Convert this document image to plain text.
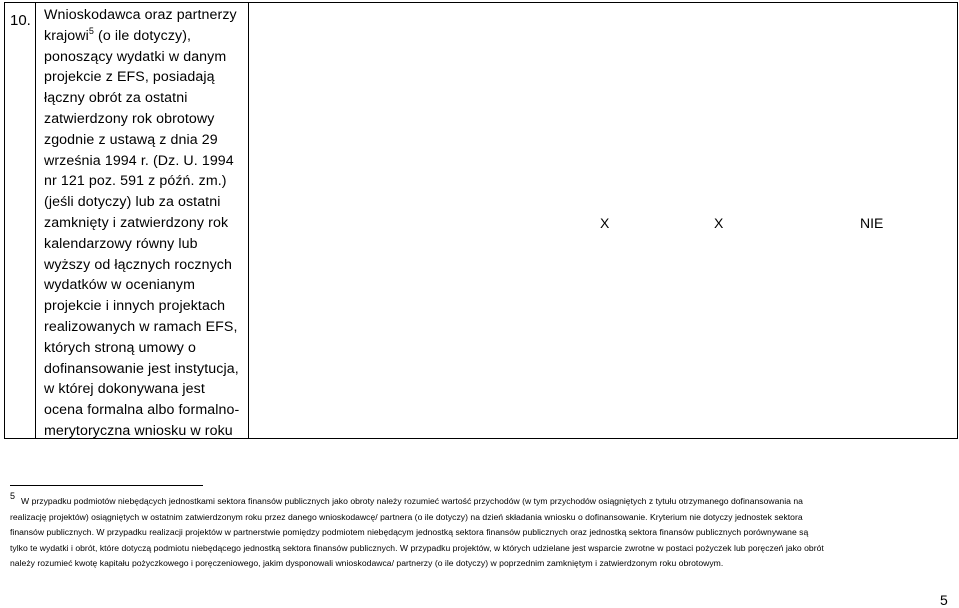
10. Wnioskodawca oraz partnerzy
krajowi$^5$ (o ile dotyczy),
ponoszący wydatki w danym
projekcie z EFS, posiadają
łączny obrót za ostatni
zatwierdzony rok obrotowy
zgodnie z ustawą z dnia 29
września 1994 r. (Dz. U. 1994
nr 121 poz. 591 z późń. zm.)
(jeśli dotyczy) lub za ostatni
zamknięty i zatwierdzony rok
kalendarzowy równy lub
wyższy od łącznych rocznych
wydatków w ocenianym
projekcie i innych projektach
realizowanych w ramach EFS,
których stroną umowy o
dofinansowanie jest instytucja,
w której dokonywana jest
ocena formalna albo formalno-
merytoryczna wniosku w roku
X	X	NIE
$^5$ W przypadku podmiotów niebędących jednostkami sektora finansów publicznych jako obroty należy rozumieć wartość przychodów (w tym przychodów osiągniętych z tytułu otrzymanego dofinansowania na
realizację projektów) osiągniętych w ostatnim zatwierdzonym roku przez danego wnioskodawcę/ partnera (o ile dotyczy) na dzień składania wniosku o dofinansowanie. Kryterium nie dotyczy jednostek sektora
finansów publicznych. W przypadku realizacji projektów w partnerstwie pomiędzy podmiotem niebędącym jednostką sektora finansów publicznych oraz jednostką sektora finansów publicznych porównywane są
tylko te wydatki i obrót, które dotyczą podmiotu niebędącego jednostką sektora finansów publicznych. W przypadku projektów, w których udzielane jest wsparcie zwrotne w postaci pożyczek lub poręczeń jako obrót
należy rozumieć kwotę kapitału pożyczkowego i poręczeniowego, jakim dysponowali wnioskodawca/ partnerzy (o ile dotyczy) w poprzednim zamkniętym i zatwierdzonym roku obrotowym.
5
